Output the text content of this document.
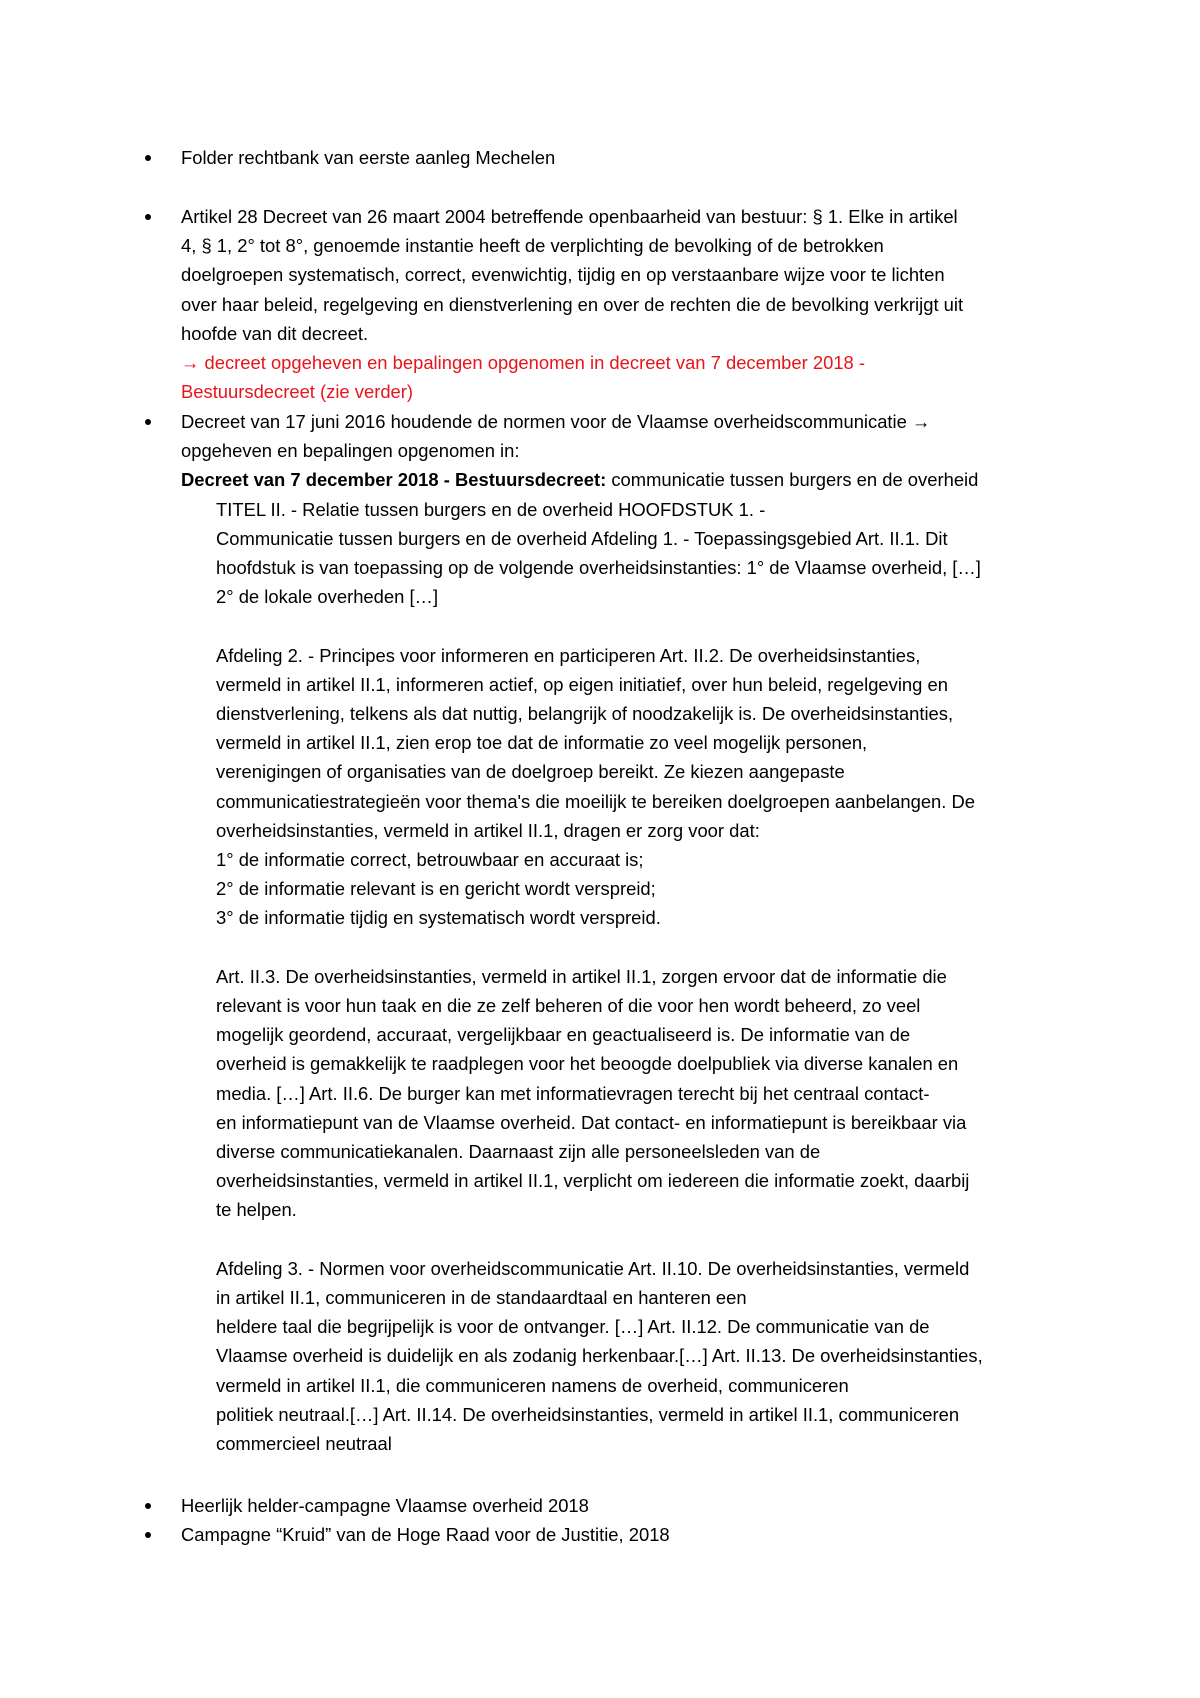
Folder rechtbank van eerste aanleg Mechelen
Artikel 28 Decreet van 26 maart 2004 betreffende openbaarheid van bestuur: § 1. Elke in artikel
4, § 1, 2° tot 8°, genoemde instantie heeft de verplichting de bevolking of de betrokken
doelgroepen systematisch, correct, evenwichtig, tijdig en op verstaanbare wijze voor te lichten
over haar beleid, regelgeving en dienstverlening en over de rechten die de bevolking verkrijgt uit
hoofde van dit decreet.
→ decreet opgeheven en bepalingen opgenomen in decreet van 7 december 2018 -
Bestuursdecreet (zie verder)
Decreet van 17 juni 2016 houdende de normen voor de Vlaamse overheidscommunicatie →
opgeheven en bepalingen opgenomen in:
Decreet van 7 december 2018 - Bestuursdecreet: communicatie tussen burgers en de overheid
TITEL II. - Relatie tussen burgers en de overheid HOOFDSTUK 1. -
Communicatie tussen burgers en de overheid Afdeling 1. - Toepassingsgebied Art. II.1. Dit
hoofdstuk is van toepassing op de volgende overheidsinstanties: 1° de Vlaamse overheid, […]
2° de lokale overheden […]
Afdeling 2. - Principes voor informeren en participeren Art. II.2. De overheidsinstanties,
vermeld in artikel II.1, informeren actief, op eigen initiatief, over hun beleid, regelgeving en
dienstverlening, telkens als dat nuttig, belangrijk of noodzakelijk is. De overheidsinstanties,
vermeld in artikel II.1, zien erop toe dat de informatie zo veel mogelijk personen,
verenigingen of organisaties van de doelgroep bereikt. Ze kiezen aangepaste
communicatiestrategieën voor thema's die moeilijk te bereiken doelgroepen aanbelangen. De
overheidsinstanties, vermeld in artikel II.1, dragen er zorg voor dat:
1° de informatie correct, betrouwbaar en accuraat is;
2° de informatie relevant is en gericht wordt verspreid;
3° de informatie tijdig en systematisch wordt verspreid.
Art. II.3. De overheidsinstanties, vermeld in artikel II.1, zorgen ervoor dat de informatie die
relevant is voor hun taak en die ze zelf beheren of die voor hen wordt beheerd, zo veel
mogelijk geordend, accuraat, vergelijkbaar en geactualiseerd is. De informatie van de
overheid is gemakkelijk te raadplegen voor het beoogde doelpubliek via diverse kanalen en
media. […] Art. II.6. De burger kan met informatievragen terecht bij het centraal contact-
en informatiepunt van de Vlaamse overheid. Dat contact- en informatiepunt is bereikbaar via
diverse communicatiekanalen. Daarnaast zijn alle personeelsleden van de
overheidsinstanties, vermeld in artikel II.1, verplicht om iedereen die informatie zoekt, daarbij
te helpen.
Afdeling 3. - Normen voor overheidscommunicatie Art. II.10. De overheidsinstanties, vermeld
in artikel II.1, communiceren in de standaardtaal en hanteren een
heldere taal die begrijpelijk is voor de ontvanger. […] Art. II.12. De communicatie van de
Vlaamse overheid is duidelijk en als zodanig herkenbaar.[…] Art. II.13. De overheidsinstanties,
vermeld in artikel II.1, die communiceren namens de overheid, communiceren
politiek neutraal.[…] Art. II.14. De overheidsinstanties, vermeld in artikel II.1, communiceren
commercieel neutraal
Heerlijk helder-campagne Vlaamse overheid 2018
Campagne “Kruid” van de Hoge Raad voor de Justitie, 2018
